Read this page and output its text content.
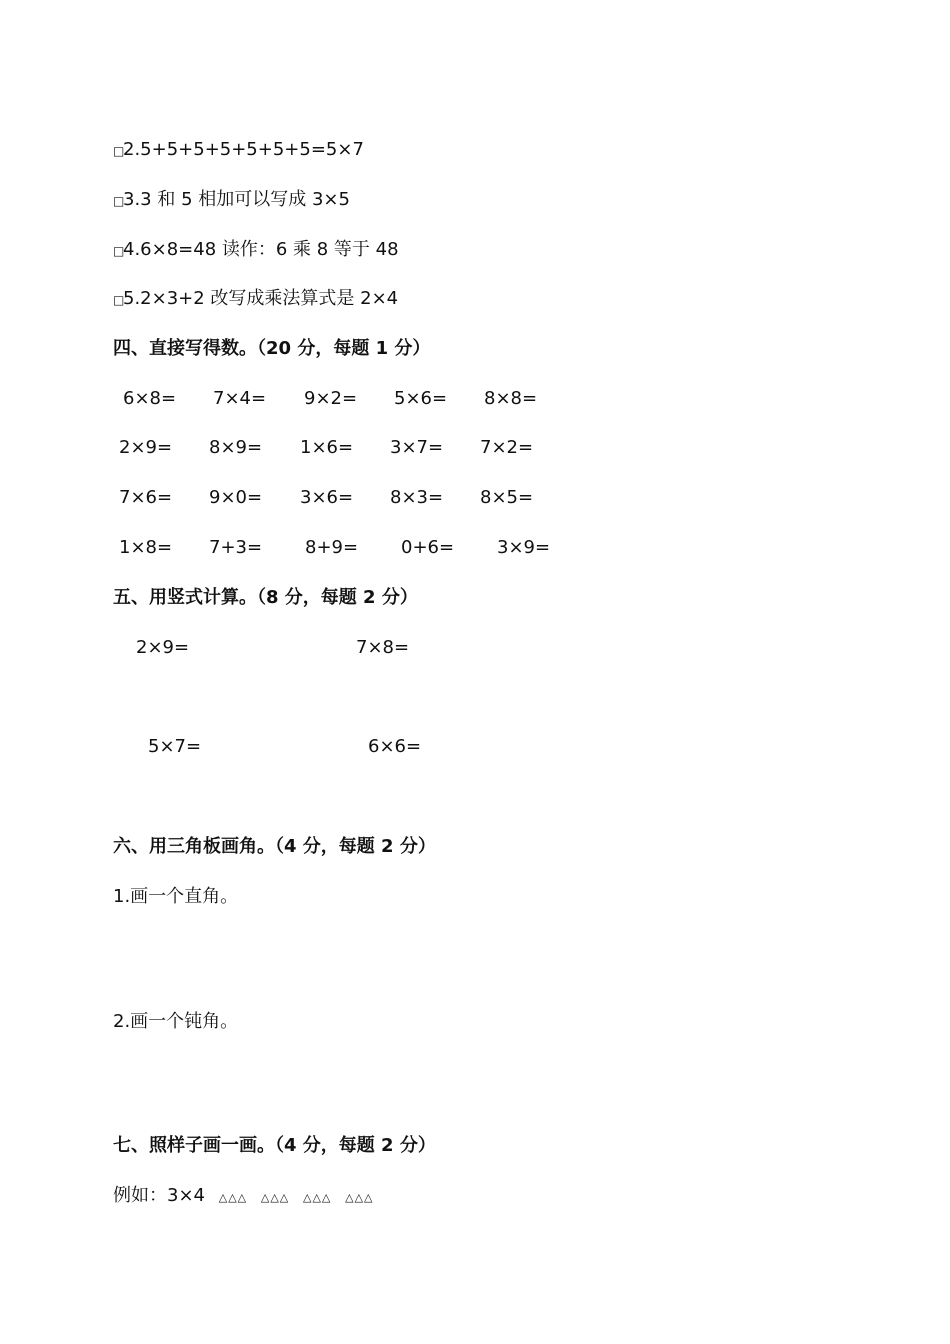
□2.5+5+5+5+5+5+5=5×7
□3.3 和 5 相加可以写成 3×5
□4.6×8=48 读作：6 乘 8 等于 48
□5.2×3+2 改写成乘法算式是 2×4
四、直接写得数。（20 分，每题 1 分）
6×8= 7×4= 9×2= 5×6= 8×8=
2×9= 8×9= 1×6= 3×7= 7×2=
7×6= 9×0= 3×6= 8×3= 8×5=
1×8= 7+3= 8+9= 0+6= 3×9=
五、用竖式计算。（8 分，每题 2 分）
2×9=	7×8=
5×7=	6×6=
六、用三角板画角。（4 分，每题 2 分）
1.画一个直角。
2.画一个钝角。
七、照样子画一画。（4 分，每题 2 分）
例如：3×4 △△△ △△△ △△△ △△△
